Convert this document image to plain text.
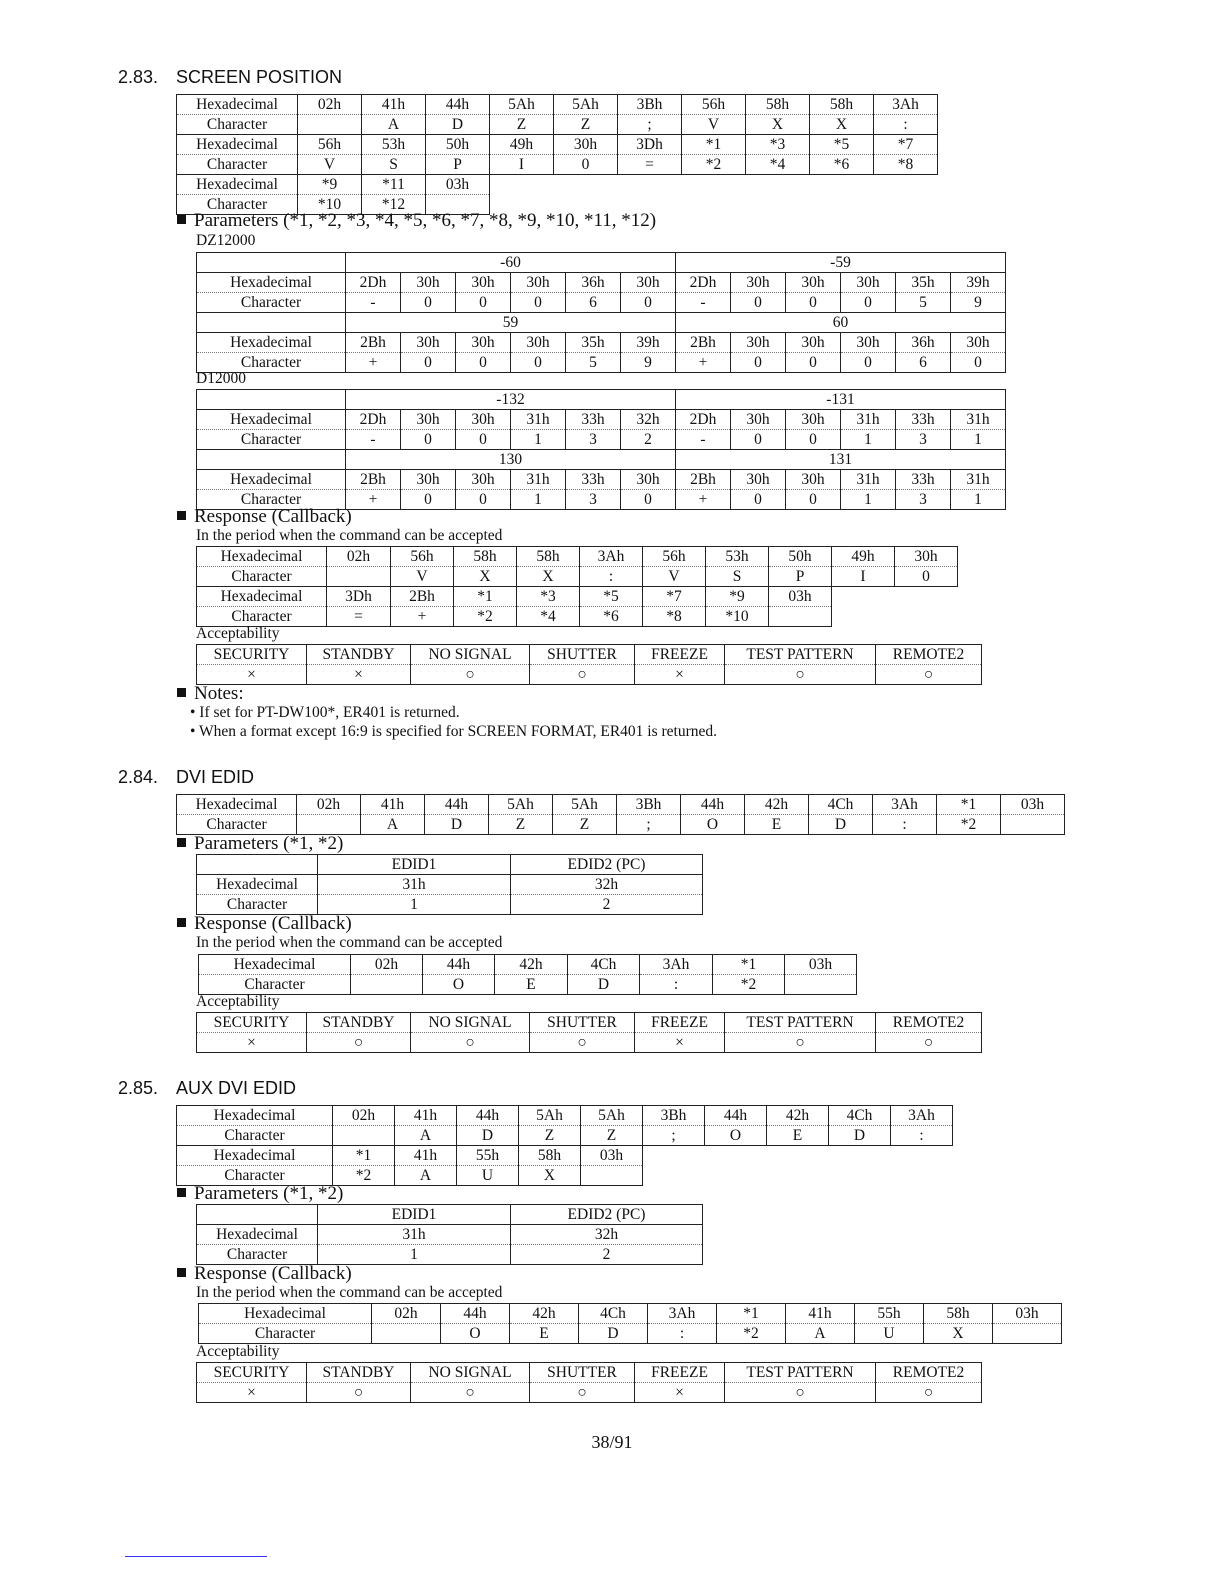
2.83. SCREEN POSITION
Hexadecimal	02h	41h	44h	5Ah	5Ah	3Bh	56h	58h	58h	3Ah
Character		A	D	Z	Z	;	V	X	X	:
Hexadecimal	56h	53h	50h	49h	30h	3Dh	*1	*3	*5	*7
Character	V	S	P	I	0	=	*2	*4	*6	*8
Hexadecimal	*9	*11	03h							
Character	*10	*12								
Parameters (*1, *2, *3, *4, *5, *6, *7, *8, *9, *10, *11, *12)
DZ12000
	-60						-59					
Hexadecimal	2Dh	30h	30h	30h	36h	30h	2Dh	30h	30h	30h	35h	39h
Character	-	0	0	0	6	0	-	0	0	0	5	9
	59						60					
Hexadecimal	2Bh	30h	30h	30h	35h	39h	2Bh	30h	30h	30h	36h	30h
Character	+	0	0	0	5	9	+	0	0	0	6	0
D12000
	-132						-131					
Hexadecimal	2Dh	30h	30h	31h	33h	32h	2Dh	30h	30h	31h	33h	31h
Character	-	0	0	1	3	2	-	0	0	1	3	1
	130						131					
Hexadecimal	2Bh	30h	30h	31h	33h	30h	2Bh	30h	30h	31h	33h	31h
Character	+	0	0	1	3	0	+	0	0	1	3	1
Response (Callback)
In the period when the command can be accepted
Hexadecimal	02h	56h	58h	58h	3Ah	56h	53h	50h	49h	30h
Character		V	X	X	:	V	S	P	I	0
Hexadecimal	3Dh	2Bh	*1	*3	*5	*7	*9	03h		
Character	=	+	*2	*4	*6	*8	*10			
Acceptability
SECURITY	STANDBY	NO SIGNAL	SHUTTER	FREEZE	TEST PATTERN	REMOTE2
×	×	○	○	×	○	○
Notes:
• If set for PT-DW100*, ER401 is returned.
• When a format except 16:9 is specified for SCREEN FORMAT, ER401 is returned.
2.84. DVI EDID
Hexadecimal	02h	41h	44h	5Ah	5Ah	3Bh	44h	42h	4Ch	3Ah	*1	03h
Character		A	D	Z	Z	;	O	E	D	:	*2	
Parameters (*1, *2)
	EDID1	EDID2 (PC)
Hexadecimal	31h	32h
Character	1	2
Response (Callback)
In the period when the command can be accepted
Hexadecimal	02h	44h	42h	4Ch	3Ah	*1	03h
Character		O	E	D	:	*2	
Acceptability
SECURITY	STANDBY	NO SIGNAL	SHUTTER	FREEZE	TEST PATTERN	REMOTE2
×	○	○	○	×	○	○
2.85. AUX DVI EDID
Hexadecimal	02h	41h	44h	5Ah	5Ah	3Bh	44h	42h	4Ch	3Ah
Character		A	D	Z	Z	;	O	E	D	:
Hexadecimal	*1	41h	55h	58h	03h					
Character	*2	A	U	X						
Parameters (*1, *2)
	EDID1	EDID2 (PC)
Hexadecimal	31h	32h
Character	1	2
Response (Callback)
In the period when the command can be accepted
Hexadecimal	02h	44h	42h	4Ch	3Ah	*1	41h	55h	58h	03h
Character		O	E	D	:	*2	A	U	X	
Acceptability
SECURITY	STANDBY	NO SIGNAL	SHUTTER	FREEZE	TEST PATTERN	REMOTE2
×	○	○	○	×	○	○
38/91
